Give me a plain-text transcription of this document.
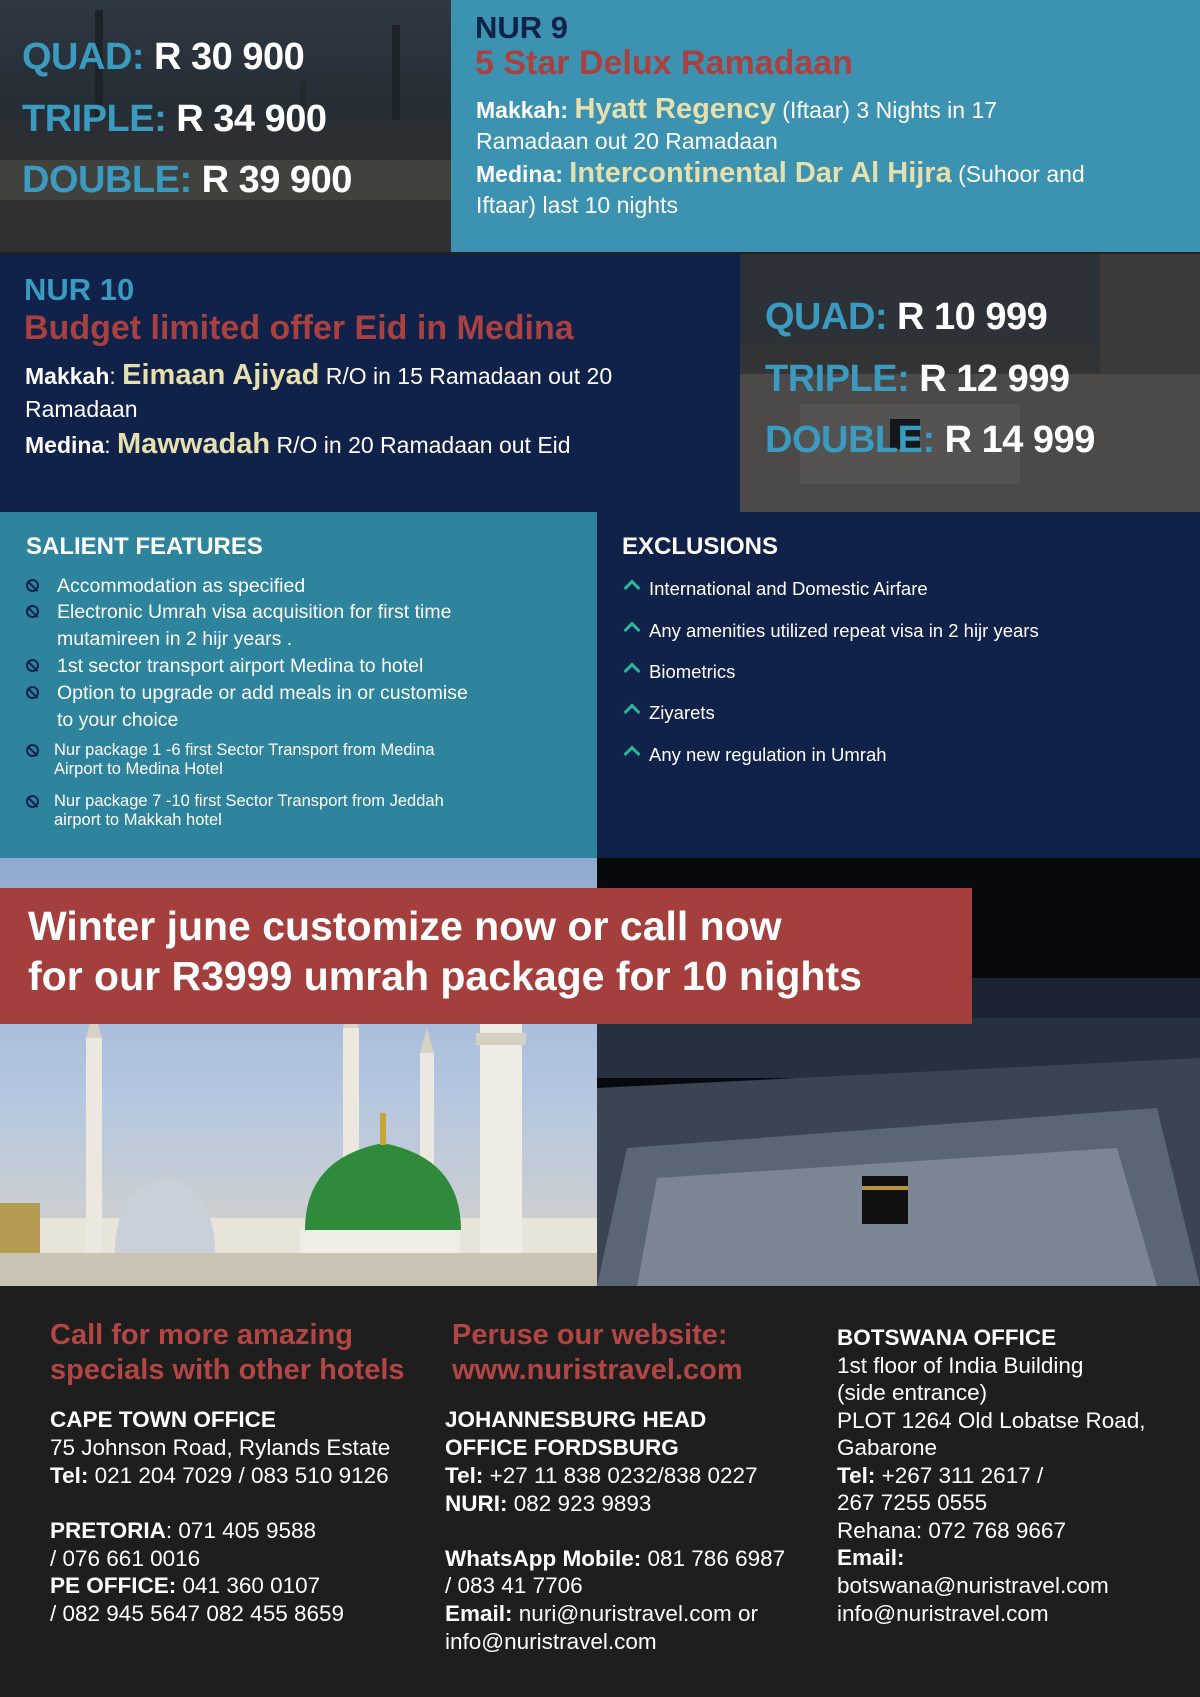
QUAD: R 30 900
TRIPLE: R 34 900
DOUBLE: R 39 900
NUR 9
5 Star Delux Ramadaan
Makkah: Hyatt Regency (Iftaar) 3 Nights in 17
Ramadaan out 20 Ramadaan
Medina: Intercontinental Dar Al Hijra (Suhoor and
Iftaar) last 10 nights
NUR 10
Budget limited offer Eid in Medina
Makkah: Eimaan Ajiyad R/O in 15 Ramadaan out 20
Ramadaan
Medina: Mawwadah R/O in 20 Ramadaan out Eid
QUAD: R 10 999
TRIPLE: R 12 999
DOUBLE: R 14 999
SALIENT FEATURES
Accommodation as specified
Electronic Umrah visa acquisition for first time
mutamireen in 2 hijr years .
1st sector transport airport Medina to hotel
Option to upgrade or add meals in or customise
to your choice
Nur package 1 -6 first Sector Transport from Medina
Airport to Medina Hotel
Nur package 7 -10 first Sector Transport from Jeddah
airport to Makkah hotel
EXCLUSIONS
International and Domestic Airfare
Any amenities utilized repeat visa in 2 hijr years
Biometrics
Ziyarets
Any new regulation in Umrah
Winter june customize now or call now
for our R3999 umrah package for 10 nights
Call for more amazing
specials with other hotels
CAPE TOWN OFFICE
75 Johnson Road, Rylands Estate
Tel: 021 204 7029 / 083 510 9126
PRETORIA: 071 405 9588
/ 076 661 0016
PE OFFICE: 041 360 0107
/ 082 945 5647 082 455 8659
Peruse our website:
www.nuristravel.com
JOHANNESBURG HEAD
OFFICE FORDSBURG
Tel: +27 11 838 0232/838 0227
NURI: 082 923 9893
WhatsApp Mobile: 081 786 6987
/ 083 41 7706
Email: nuri@nuristravel.com or
info@nuristravel.com
BOTSWANA OFFICE
1st floor of India Building
(side entrance)
PLOT 1264 Old Lobatse Road,
Gabarone
Tel: +267 311 2617 /
267 7255 0555
Rehana: 072 768 9667
Email:
botswana@nuristravel.com
info@nuristravel.com
